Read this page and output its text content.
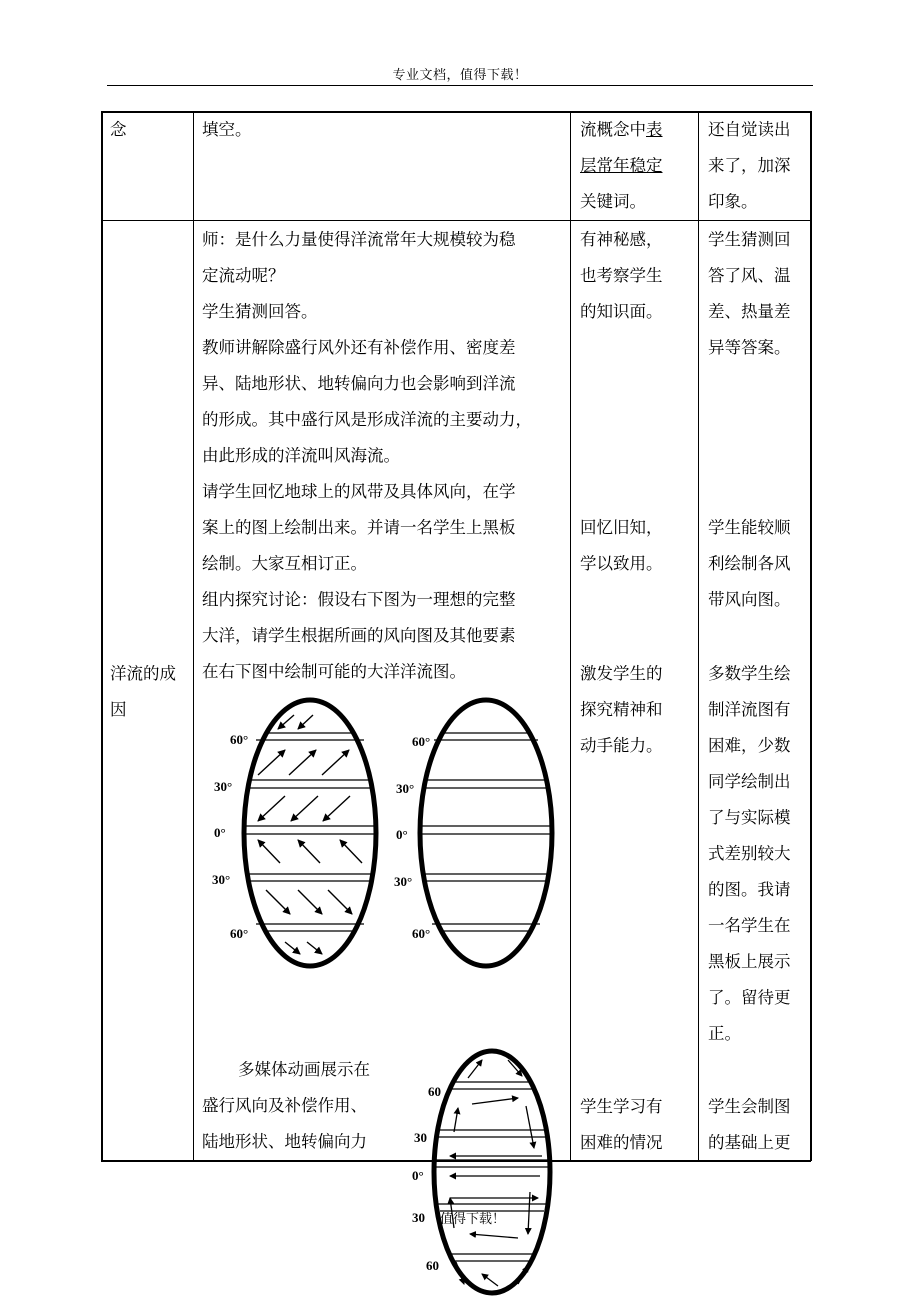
专业文档，值得下载！

念	填空。	流概念中表

层常年稳定

关键词。

还自觉读出

来了，加深

印象。

洋流的成

因

师：是什么力量使得洋流常年大规模较为稳

定流动呢？

学生猜测回答。

教师讲解除盛行风外还有补偿作用、密度差

异、陆地形状、地转偏向力也会影响到洋流

的形成。其中盛行风是形成洋流的主要动力，

由此形成的洋流叫风海流。

请学生回忆地球上的风带及具体风向，在学

案上的图上绘制出来。并请一名学生上黑板

绘制。大家互相订正。

组内探究讨论：假设右下图为一理想的完整

大洋，请学生根据所画的风向图及其他要素

在右下图中绘制可能的大洋洋流图。

多媒体动画展示在

盛行风向及补偿作用、

陆地形状、地转偏向力

有神秘感，

也考察学生

的知识面。

回忆旧知，

学以致用。

激发学生的

探究精神和

动手能力。

学生学习有

困难的情况

学生猜测回

答了风、温

差、热量差

异等答案。

学生能较顺

利绘制各风

带风向图。

多数学生绘

制洋流图有

困难，少数

同学绘制出

了与实际模

式差别较大

的图。我请

一名学生在

黑板上展示

了。留待更

正。

学生会制图

的基础上更

60°
30°
0°
30°
60°
60°
30°
0°
30°
60°
60
30
0°
30
60
值得下载！
